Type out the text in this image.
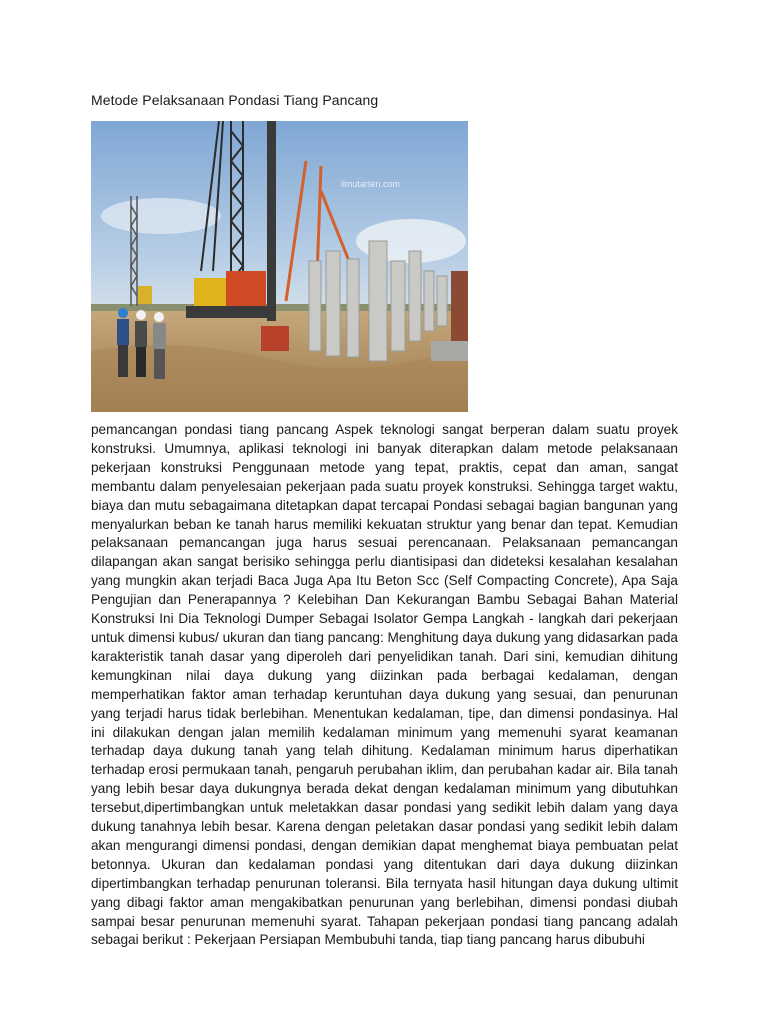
Metode Pelaksanaan Pondasi Tiang Pancang
ilmutarten.com

pemancangan pondasi tiang pancang Aspek teknologi sangat berperan dalam suatu proyek konstruksi. Umumnya, aplikasi teknologi ini banyak diterapkan dalam metode pelaksanaan pekerjaan konstruksi Penggunaan metode yang tepat, praktis, cepat dan aman, sangat membantu dalam penyelesaian pekerjaan pada suatu proyek konstruksi. Sehingga target waktu, biaya dan mutu sebagaimana ditetapkan dapat tercapai Pondasi sebagai bagian bangunan yang menyalurkan beban ke tanah harus memiliki kekuatan struktur yang benar dan tepat. Kemudian pelaksanaan pemancangan juga harus sesuai perencanaan. Pelaksanaan pemancangan dilapangan akan sangat berisiko sehingga perlu diantisipasi dan dideteksi kesalahan kesalahan yang mungkin akan terjadi Baca Juga Apa Itu Beton Scc (Self Compacting Concrete), Apa Saja Pengujian dan Penerapannya ? Kelebihan Dan Kekurangan Bambu Sebagai Bahan Material Konstruksi Ini Dia Teknologi Dumper Sebagai Isolator Gempa Langkah - langkah dari pekerjaan untuk dimensi kubus/ ukuran dan tiang pancang: Menghitung daya dukung yang didasarkan pada karakteristik tanah dasar yang diperoleh dari penyelidikan tanah. Dari sini, kemudian dihitung kemungkinan nilai daya dukung yang diizinkan pada berbagai kedalaman, dengan memperhatikan faktor aman terhadap keruntuhan daya dukung yang sesuai, dan penurunan yang terjadi harus tidak berlebihan. Menentukan kedalaman, tipe, dan dimensi pondasinya. Hal ini dilakukan dengan jalan memilih kedalaman minimum yang memenuhi syarat keamanan terhadap daya dukung tanah yang telah dihitung. Kedalaman minimum harus diperhatikan terhadap erosi permukaan tanah, pengaruh perubahan iklim, dan perubahan kadar air. Bila tanah yang lebih besar daya dukungnya berada dekat dengan kedalaman minimum yang dibutuhkan tersebut,dipertimbangkan untuk meletakkan dasar pondasi yang sedikit lebih dalam yang daya dukung tanahnya lebih besar. Karena dengan peletakan dasar pondasi yang sedikit lebih dalam akan mengurangi dimensi pondasi, dengan demikian dapat menghemat biaya pembuatan pelat betonnya. Ukuran dan kedalaman pondasi yang ditentukan dari daya dukung diizinkan dipertimbangkan terhadap penurunan toleransi. Bila ternyata hasil hitungan daya dukung ultimit yang dibagi faktor aman mengakibatkan penurunan yang berlebihan, dimensi pondasi diubah sampai besar penurunan memenuhi syarat. Tahapan pekerjaan pondasi tiang pancang adalah sebagai berikut : Pekerjaan Persiapan Membubuhi tanda, tiap tiang pancang harus dibubuhi
